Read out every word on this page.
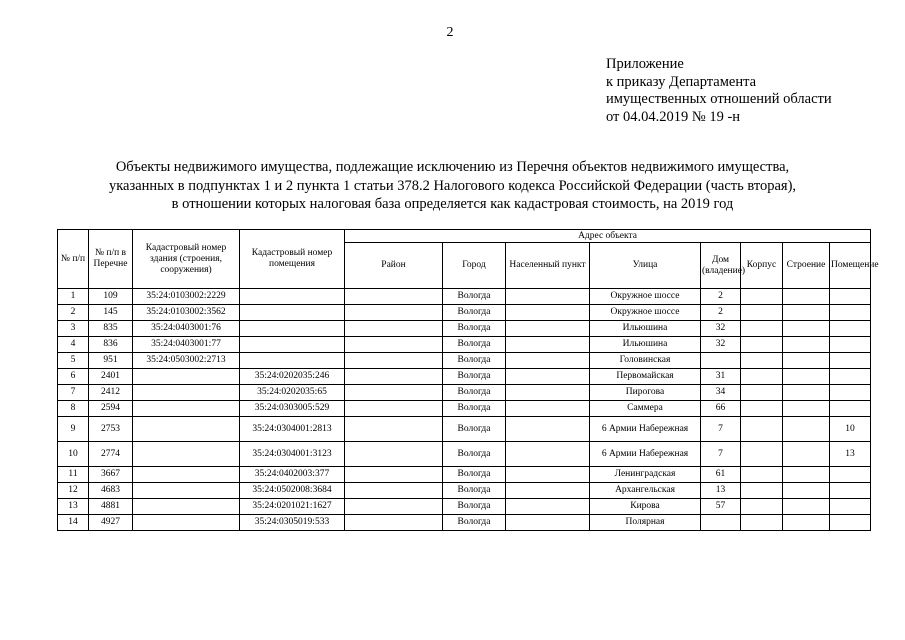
2
Приложение
к приказу Департамента
имущественных отношений области
от 04.04.2019 № 19 -н
Объекты недвижимого имущества, подлежащие исключению из Перечня объектов недвижимого имущества,
указанных в подпунктах 1 и 2 пункта 1 статьи 378.2 Налогового кодекса Российской Федерации (часть вторая),
в отношении которых налоговая база определяется как кадастровая стоимость, на 2019 год
№ п/п	№ п/п в Перечне	Кадастровый номер здания (строения, сооружения)	Кадастровый номер помещения	Адрес объекта							
				Район	Город	Населенный пункт	Улица	Дом (владение)	Корпус	Строение	Помещение
1	109	35:24:0103002:2229			Вологда		Окружное шоссе	2			
2	145	35:24:0103002:3562			Вологда		Окружное шоссе	2			
3	835	35:24:0403001:76			Вологда		Ильюшина	32			
4	836	35:24:0403001:77			Вологда		Ильюшина	32			
5	951	35:24:0503002:2713			Вологда		Головинская				
6	2401		35:24:0202035:246		Вологда		Первомайская	31			
7	2412		35:24:0202035:65		Вологда		Пирогова	34			
8	2594		35:24:0303005:529		Вологда		Саммера	66			
9	2753		35:24:0304001:2813		Вологда		6 Армии Набережная	7			10
10	2774		35:24:0304001:3123		Вологда		6 Армии Набережная	7			13
11	3667		35:24:0402003:377		Вологда		Ленинградская	61			
12	4683		35:24:0502008:3684		Вологда		Архангельская	13			
13	4881		35:24:0201021:1627		Вологда		Кирова	57			
14	4927		35:24:0305019:533		Вологда		Полярная				
